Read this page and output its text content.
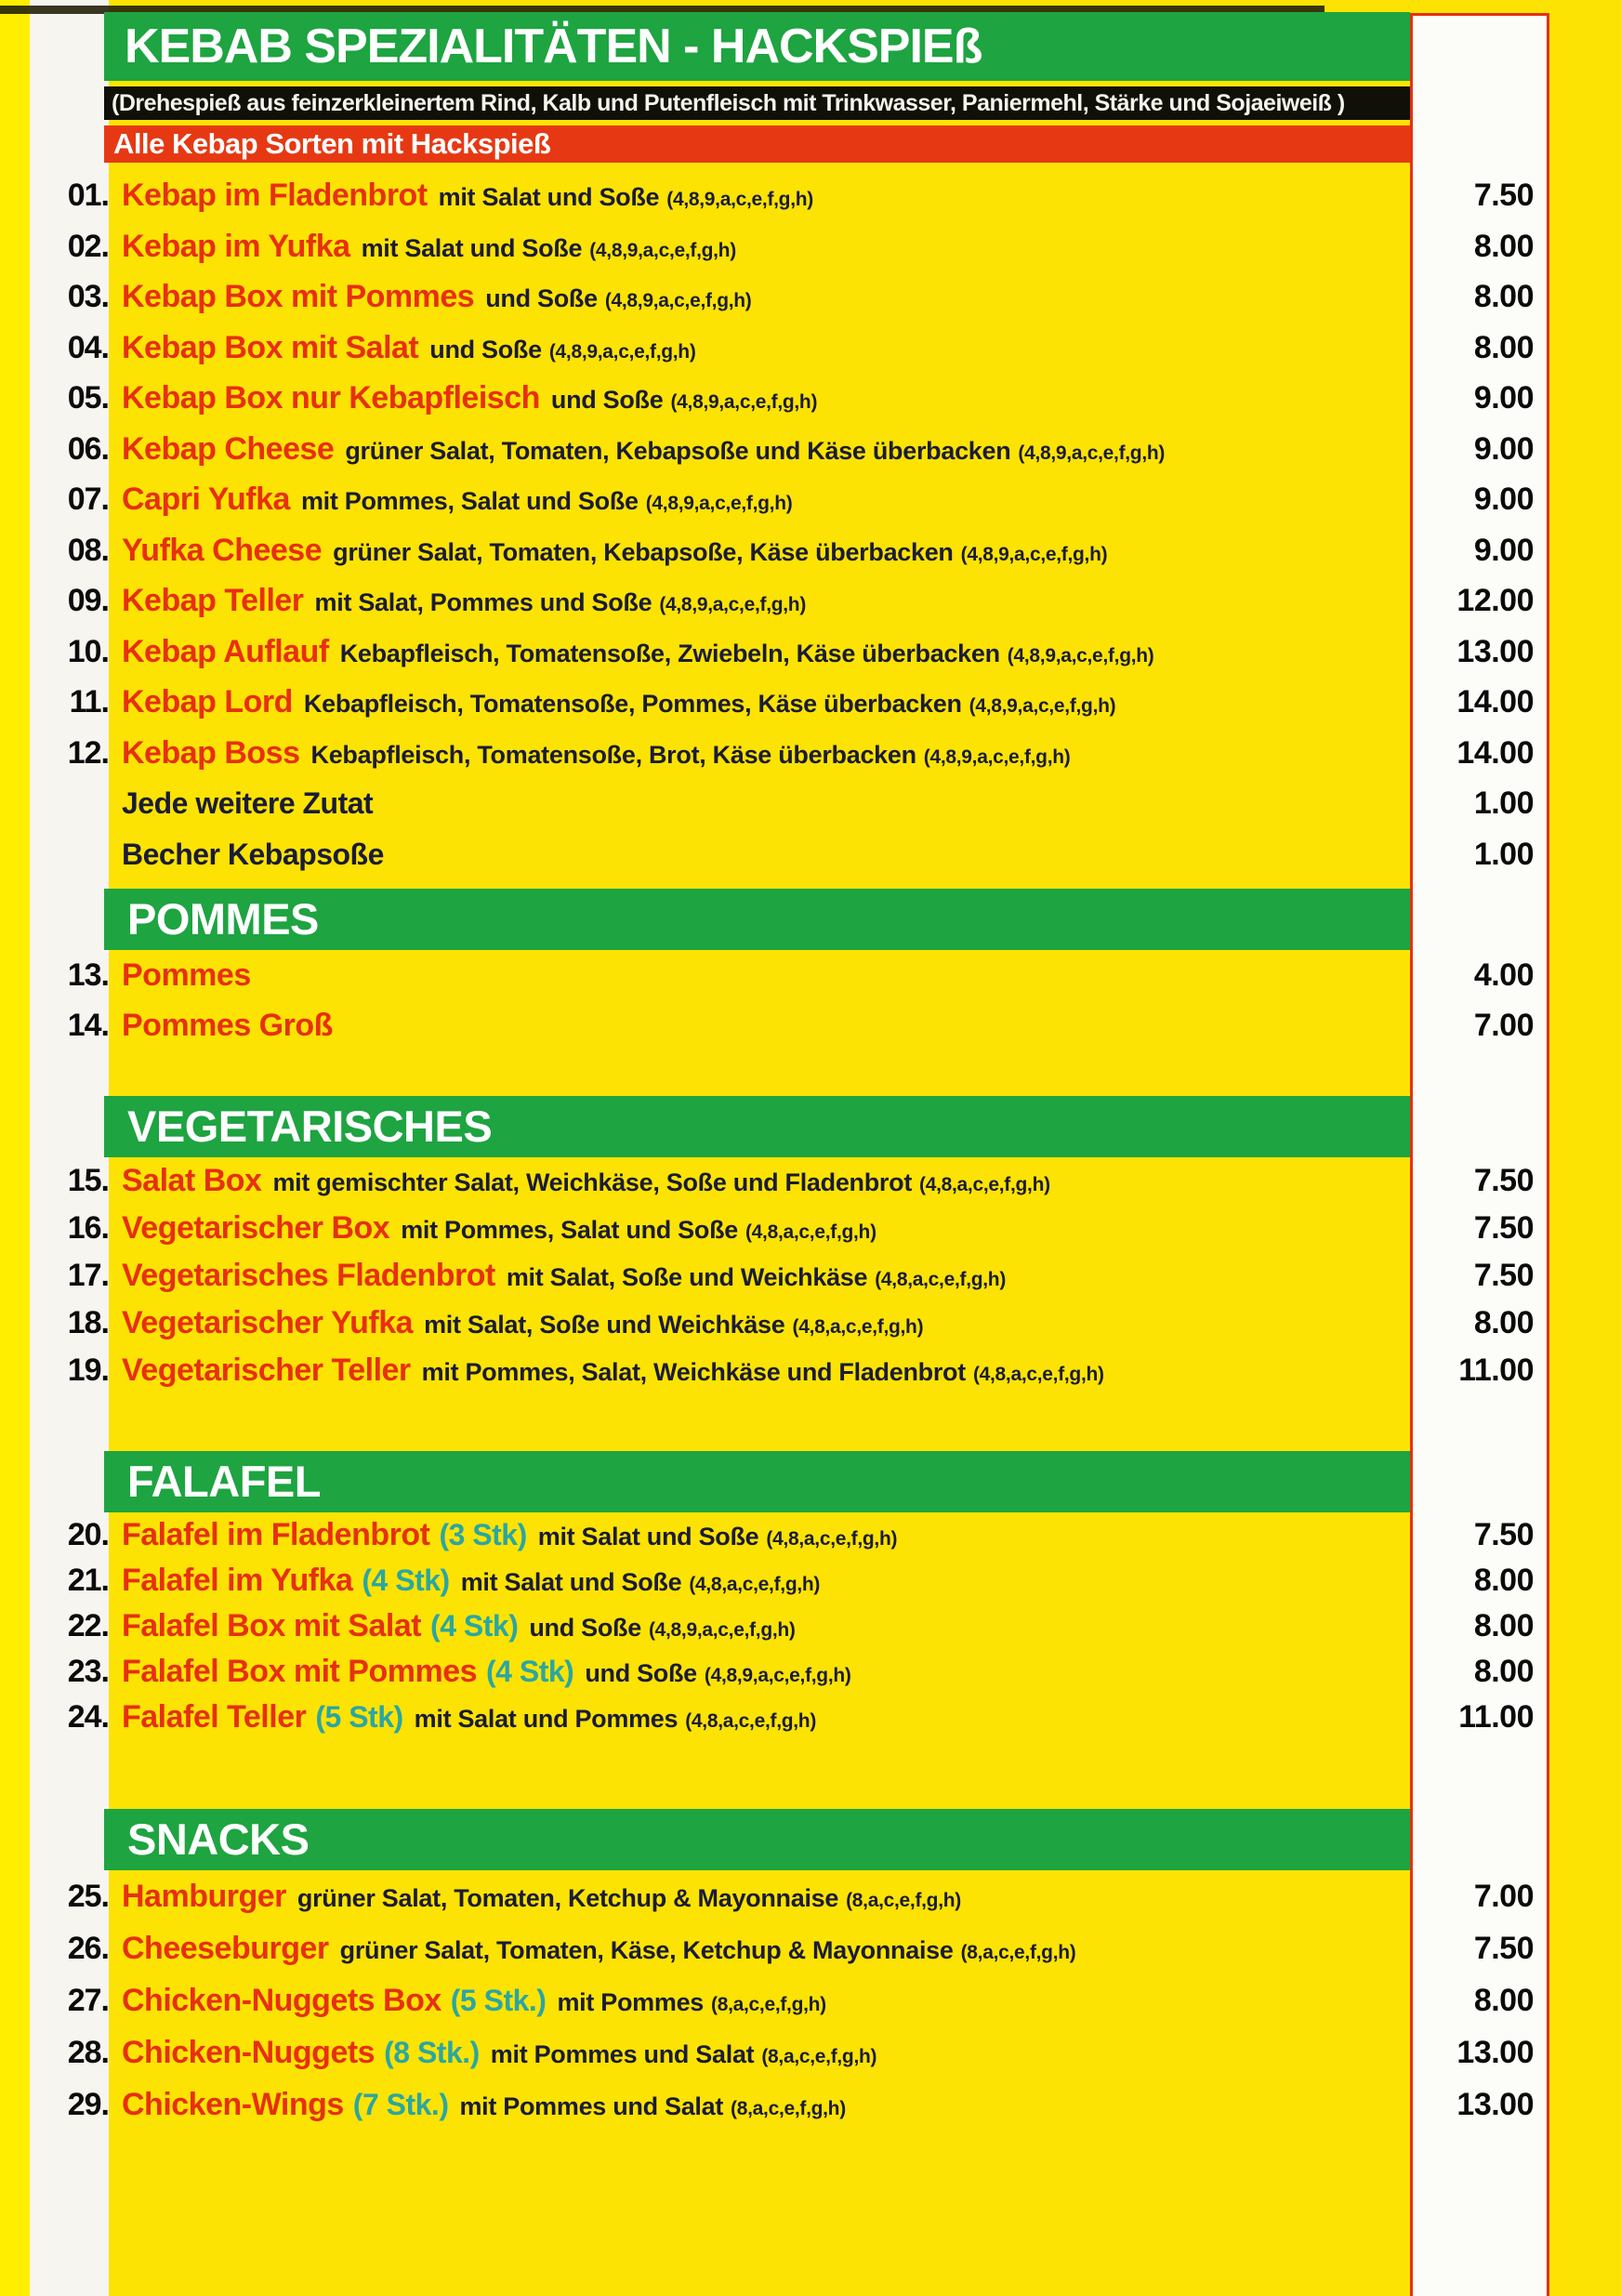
KEBAB SPEZIALITÄTEN - HACKSPIEß
(Drehespieß aus feinzerkleinertem Rind, Kalb und Putenfleisch mit Trinkwasser, Paniermehl, Stärke und Sojaeiweiß )
Alle Kebap Sorten mit Hackspieß
01. Kebap im Fladenbrot mit Salat und Soße (4,8,9,a,c,e,f,g,h)	7.50
02. Kebap im Yufka mit Salat und Soße (4,8,9,a,c,e,f,g,h)	8.00
03. Kebap Box mit Pommes und Soße (4,8,9,a,c,e,f,g,h)	8.00
04. Kebap Box mit Salat und Soße (4,8,9,a,c,e,f,g,h)	8.00
05. Kebap Box nur Kebapfleisch und Soße (4,8,9,a,c,e,f,g,h)	9.00
06. Kebap Cheese grüner Salat, Tomaten, Kebapsoße und Käse überbacken (4,8,9,a,c,e,f,g,h)	9.00
07. Capri Yufka mit Pommes, Salat und Soße (4,8,9,a,c,e,f,g,h)	9.00
08. Yufka Cheese grüner Salat, Tomaten, Kebapsoße, Käse überbacken (4,8,9,a,c,e,f,g,h)	9.00
09. Kebap Teller mit Salat, Pommes und Soße (4,8,9,a,c,e,f,g,h)	12.00
10. Kebap Auflauf Kebapfleisch, Tomatensoße, Zwiebeln, Käse überbacken (4,8,9,a,c,e,f,g,h)	13.00
11. Kebap Lord Kebapfleisch, Tomatensoße, Pommes, Käse überbacken (4,8,9,a,c,e,f,g,h)	14.00
12. Kebap Boss Kebapfleisch, Tomatensoße, Brot, Käse überbacken (4,8,9,a,c,e,f,g,h)	14.00
Jede weitere Zutat	1.00
Becher Kebapsoße	1.00
POMMES
13. Pommes	4.00
14. Pommes Groß	7.00
VEGETARISCHES
15. Salat Box mit gemischter Salat, Weichkäse, Soße und Fladenbrot (4,8,a,c,e,f,g,h)	7.50
16. Vegetarischer Box mit Pommes, Salat und Soße (4,8,a,c,e,f,g,h)	7.50
17. Vegetarisches Fladenbrot mit Salat, Soße und Weichkäse (4,8,a,c,e,f,g,h)	7.50
18. Vegetarischer Yufka mit Salat, Soße und Weichkäse (4,8,a,c,e,f,g,h)	8.00
19. Vegetarischer Teller mit Pommes, Salat, Weichkäse und Fladenbrot (4,8,a,c,e,f,g,h)	11.00
FALAFEL
20. Falafel im Fladenbrot (3 Stk) mit Salat und Soße (4,8,a,c,e,f,g,h)	7.50
21. Falafel im Yufka (4 Stk) mit Salat und Soße (4,8,a,c,e,f,g,h)	8.00
22. Falafel Box mit Salat (4 Stk) und Soße (4,8,9,a,c,e,f,g,h)	8.00
23. Falafel Box mit Pommes (4 Stk) und Soße (4,8,9,a,c,e,f,g,h)	8.00
24. Falafel Teller (5 Stk) mit Salat und Pommes (4,8,a,c,e,f,g,h)	11.00
SNACKS
25. Hamburger grüner Salat, Tomaten, Ketchup & Mayonnaise (8,a,c,e,f,g,h)	7.00
26. Cheeseburger grüner Salat, Tomaten, Käse, Ketchup & Mayonnaise (8,a,c,e,f,g,h)	7.50
27. Chicken-Nuggets Box (5 Stk.) mit Pommes (8,a,c,e,f,g,h)	8.00
28. Chicken-Nuggets (8 Stk.) mit Pommes und Salat (8,a,c,e,f,g,h)	13.00
29. Chicken-Wings (7 Stk.) mit Pommes und Salat (8,a,c,e,f,g,h)	13.00
